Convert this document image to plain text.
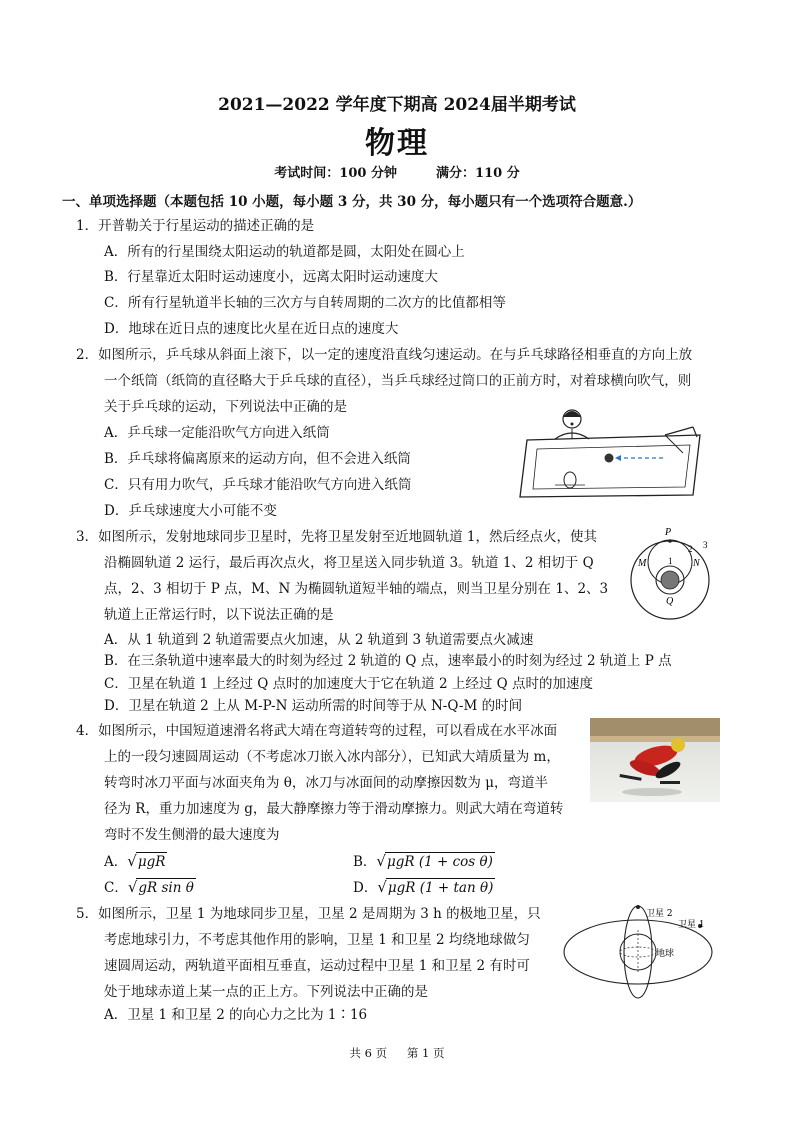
2021—2022 学年度下期高 2024届半期考试
物理
考试时间：100 分钟	满分：110 分
一、单项选择题（本题包括 10 小题，每小题 3 分，共 30 分，每小题只有一个选项符合题意.）
1．开普勒关于行星运动的描述正确的是
A．所有的行星围绕太阳运动的轨道都是圆，太阳处在圆心上
B．行星靠近太阳时运动速度小，远离太阳时运动速度大
C．所有行星轨道半长轴的三次方与自转周期的二次方的比值都相等
D．地球在近日点的速度比火星在近日点的速度大
2．如图所示，乒乓球从斜面上滚下，以一定的速度沿直线匀速运动。在与乒乓球路径相垂直的方向上放
一个纸筒（纸筒的直径略大于乒乓球的直径），当乒乓球经过筒口的正前方时，对着球横向吹气，则
关于乒乓球的运动，下列说法中正确的是
A．乒乓球一定能沿吹气方向进入纸筒
B．乒乓球将偏离原来的运动方向，但不会进入纸筒
C．只有用力吹气，乒乓球才能沿吹气方向进入纸筒
D．乒乓球速度大小可能不变
3．如图所示，发射地球同步卫星时，先将卫星发射至近地圆轨道 1，然后经点火，使其
沿椭圆轨道 2 运行，最后再次点火，将卫星送入同步轨道 3。轨道 1、2 相切于 Q
点，2、3 相切于 P 点，M、N 为椭圆轨道短半轴的端点，则当卫星分别在 1、2、3
轨道上正常运行时，以下说法正确的是
A．从 1 轨道到 2 轨道需要点火加速，从 2 轨道到 3 轨道需要点火减速
B．在三条轨道中速率最大的时刻为经过 2 轨道的 Q 点，速率最小的时刻为经过 2 轨道上 P 点
C．卫星在轨道 1 上经过 Q 点时的加速度大于它在轨道 2 上经过 Q 点时的加速度
D．卫星在轨道 2 上从 M-P-N 运动所需的时间等于从 N-Q-M 的时间
P
Q
M	N
1
2 3
4．如图所示，中国短道速滑名将武大靖在弯道转弯的过程，可以看成在水平冰面
上的一段匀速圆周运动（不考虑冰刀嵌入冰内部分），已知武大靖质量为 m，
转弯时冰刀平面与冰面夹角为 θ，冰刀与冰面间的动摩擦因数为 μ，弯道半
径为 R，重力加速度为 g，最大静摩擦力等于滑动摩擦力。则武大靖在弯道转
弯时不发生侧滑的最大速度为
A．√μgR	B．√μgR (1 + cos θ)
C．√gR sin θ	D．√μgR (1 + tan θ)
5．如图所示，卫星 1 为地球同步卫星，卫星 2 是周期为 3 h 的极地卫星，只
考虑地球引力，不考虑其他作用的影响，卫星 1 和卫星 2 均绕地球做匀
速圆周运动，两轨道平面相互垂直，运动过程中卫星 1 和卫星 2 有时可
处于地球赤道上某一点的正上方。下列说法中正确的是
A．卫星 1 和卫星 2 的向心力之比为 1∶16
卫星 2
卫星 1
地球
共 6 页 第 1 页
